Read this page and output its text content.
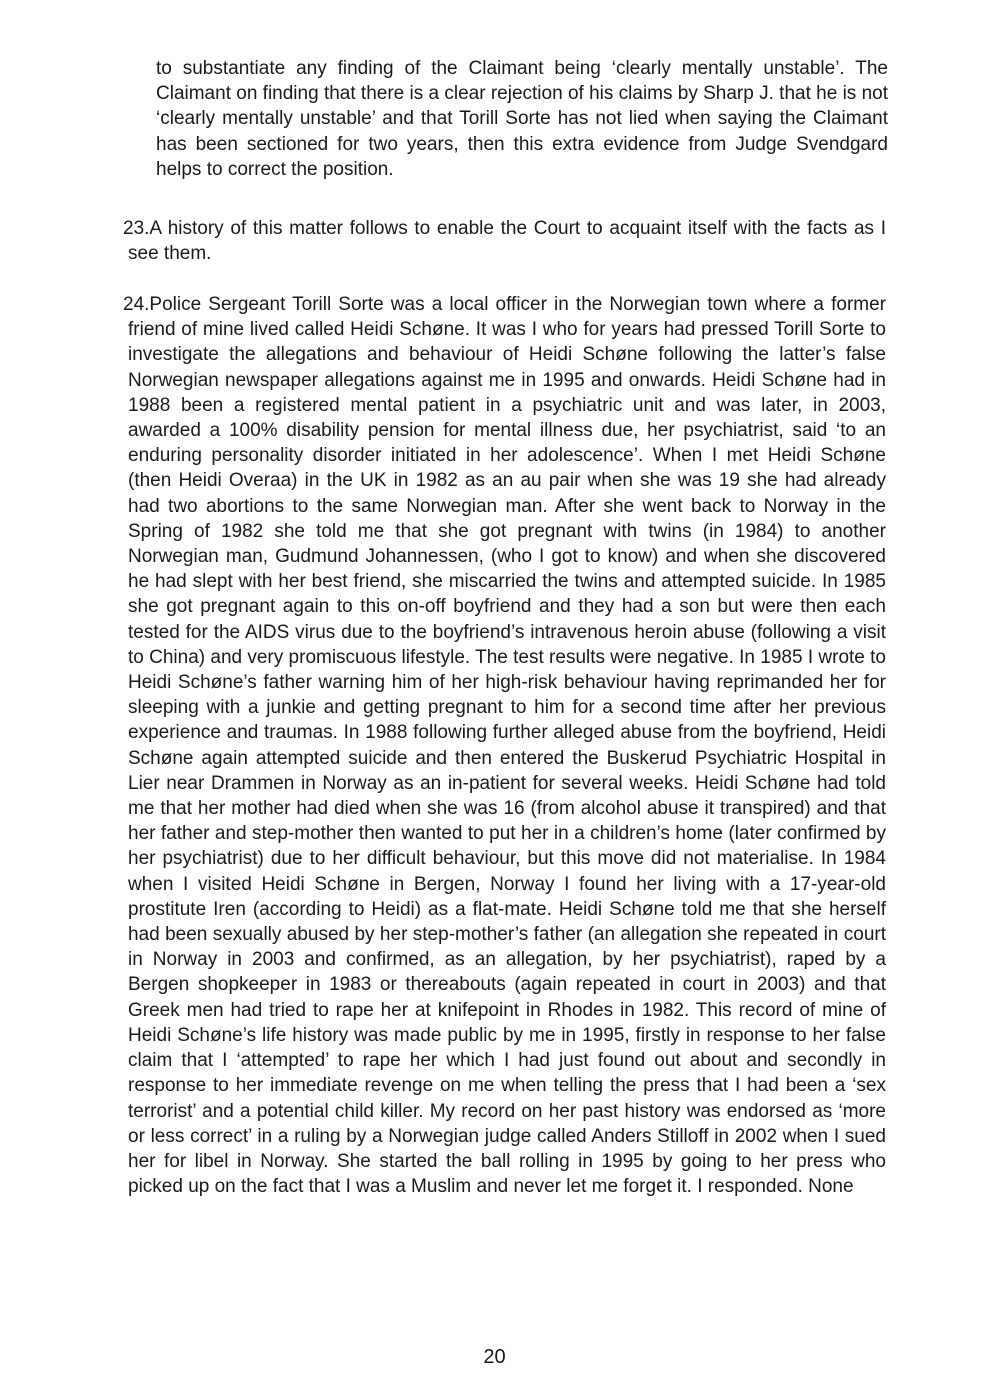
to substantiate any finding of the Claimant being ‘clearly mentally unstable’. The Claimant on finding that there is a clear rejection of his claims by Sharp J. that he is not ‘clearly mentally unstable’ and that Torill Sorte has not lied when saying the Claimant has been sectioned for two years, then this extra evidence from Judge Svendgard helps to correct the position.

23.A history of this matter follows to enable the Court to acquaint itself with the facts as I see them.
24.Police Sergeant Torill Sorte was a local officer in the Norwegian town where a former friend of mine lived called Heidi Schøne. It was I who for years had pressed Torill Sorte to investigate the allegations and behaviour of Heidi Schøne following the latter’s false Norwegian newspaper allegations against me in 1995 and onwards. Heidi Schøne had in 1988 been a registered mental patient in a psychiatric unit and was later, in 2003, awarded a 100% disability pension for mental illness due, her psychiatrist, said ‘to an enduring personality disorder initiated in her adolescence’. When I met Heidi Schøne (then Heidi Overaa) in the UK in 1982 as an au pair when she was 19 she had already had two abortions to the same Norwegian man. After she went back to Norway in the Spring of 1982 she told me that she got pregnant with twins (in 1984) to another Norwegian man, Gudmund Johannessen, (who I got to know) and when she discovered he had slept with her best friend, she miscarried the twins and attempted suicide. In 1985 she got pregnant again to this on-off boyfriend and they had a son but were then each tested for the AIDS virus due to the boyfriend’s intravenous heroin abuse (following a visit to China) and very promiscuous lifestyle. The test results were negative. In 1985 I wrote to Heidi Schøne’s father warning him of her high-risk behaviour having reprimanded her for sleeping with a junkie and getting pregnant to him for a second time after her previous experience and traumas. In 1988 following further alleged abuse from the boyfriend, Heidi Schøne again attempted suicide and then entered the Buskerud Psychiatric Hospital in Lier near Drammen in Norway as an in-patient for several weeks. Heidi Schøne had told me that her mother had died when she was 16 (from alcohol abuse it transpired) and that her father and step-mother then wanted to put her in a children’s home (later confirmed by her psychiatrist) due to her difficult behaviour, but this move did not materialise. In 1984 when I visited Heidi Schøne in Bergen, Norway I found her living with a 17-year-old prostitute Iren (according to Heidi) as a flat-mate. Heidi Schøne told me that she herself had been sexually abused by her step-mother’s father (an allegation she repeated in court in Norway in 2003 and confirmed, as an allegation, by her psychiatrist), raped by a Bergen shopkeeper in 1983 or thereabouts (again repeated in court in 2003) and that Greek men had tried to rape her at knifepoint in Rhodes in 1982. This record of mine of Heidi Schøne’s life history was made public by me in 1995, firstly in response to her false claim that I ‘attempted’ to rape her which I had just found out about and secondly in response to her immediate revenge on me when telling the press that I had been a ‘sex terrorist’ and a potential child killer. My record on her past history was endorsed as ‘more or less correct’ in a ruling by a Norwegian judge called Anders Stilloff in 2002 when I sued her for libel in Norway. She started the ball rolling in 1995 by going to her press who picked up on the fact that I was a Muslim and never let me forget it. I responded. None
20
